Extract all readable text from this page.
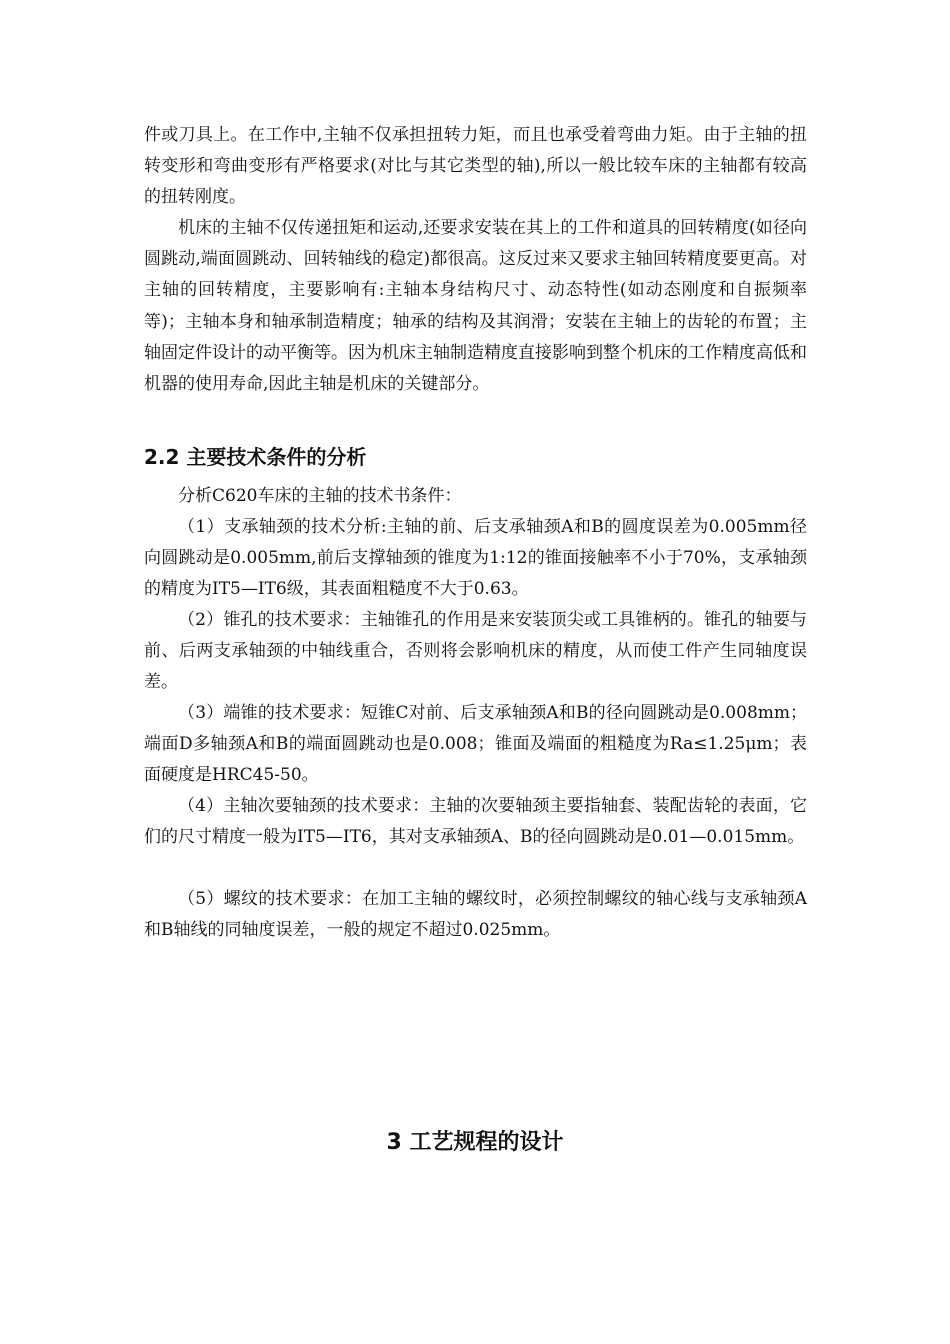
件或刀具上。在工作中,主轴不仅承担扭转力矩，而且也承受着弯曲力矩。由于主轴的扭转变形和弯曲变形有严格要求(对比与其它类型的轴),所以一般比较车床的主轴都有较高的扭转刚度。

机床的主轴不仅传递扭矩和运动,还要求安装在其上的工件和道具的回转精度(如径向圆跳动,端面圆跳动、回转轴线的稳定)都很高。这反过来又要求主轴回转精度要更高。对主轴的回转精度，主要影响有:主轴本身结构尺寸、动态特性(如动态刚度和自振频率等)；主轴本身和轴承制造精度；轴承的结构及其润滑；安装在主轴上的齿轮的布置；主轴固定件设计的动平衡等。因为机床主轴制造精度直接影响到整个机床的工作精度高低和机器的使用寿命,因此主轴是机床的关键部分。

2.2 主要技术条件的分析

分析C620车床的主轴的技术书条件：

（1）支承轴颈的技术分析:主轴的前、后支承轴颈A和B的圆度误差为0.005mm径向圆跳动是0.005mm,前后支撑轴颈的锥度为1:12的锥面接触率不小于70%，支承轴颈的精度为IT5—IT6级，其表面粗糙度不大于0.63。

（2）锥孔的技术要求：主轴锥孔的作用是来安装顶尖或工具锥柄的。锥孔的轴要与前、后两支承轴颈的中轴线重合，否则将会影响机床的精度，从而使工件产生同轴度误差。

（3）端锥的技术要求：短锥C对前、后支承轴颈A和B的径向圆跳动是0.008mm；端面D多轴颈A和B的端面圆跳动也是0.008；锥面及端面的粗糙度为Ra≤1.25μm；表面硬度是HRC45-50。

（4）主轴次要轴颈的技术要求：主轴的次要轴颈主要指轴套、装配齿轮的表面，它们的尺寸精度一般为IT5—IT6，其对支承轴颈A、B的径向圆跳动是0.01—0.015mm。

（5）螺纹的技术要求：在加工主轴的螺纹时，必须控制螺纹的轴心线与支承轴颈A和B轴线的同轴度误差，一般的规定不超过0.025mm。

3 工艺规程的设计
